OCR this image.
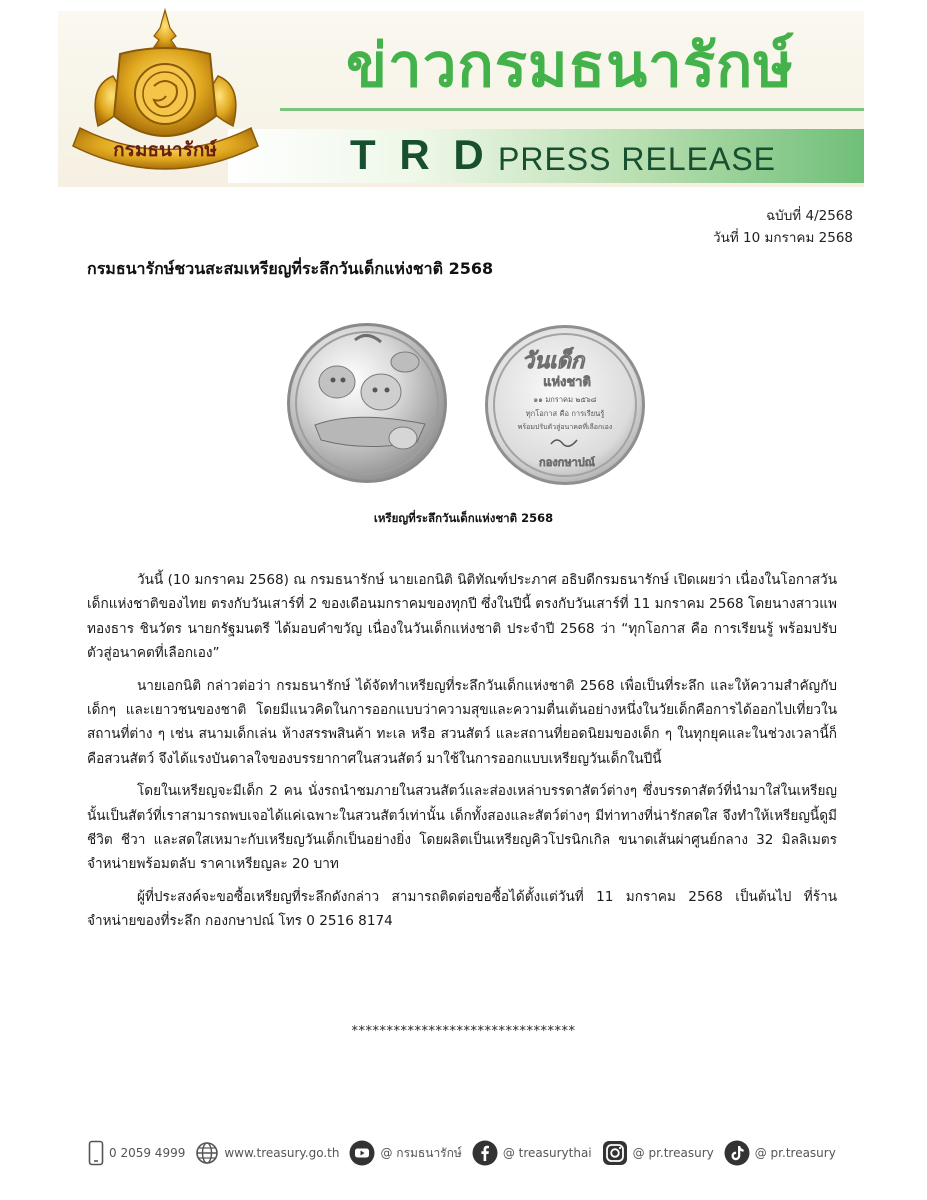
ข่าวกรมธนารักษ์
T R D PRESS RELEASE
กรมธนารักษ์
ฉบับที่ 4/2568
วันที่ 10 มกราคม 2568
กรมธนารักษ์ชวนสะสมเหรียญที่ระลึกวันเด็กแห่งชาติ 2568
วันเด็ก
แห่งชาติ
๑๑ มกราคม ๒๕๖๘
ทุกโอกาส คือ การเรียนรู้
พร้อมปรับตัวสู่อนาคตที่เลือกเอง
กองกษาปณ์
เหรียญที่ระลึกวันเด็กแห่งชาติ 2568

วันนี้ (10 มกราคม 2568) ณ กรมธนารักษ์ นายเอกนิติ นิติทัณฑ์ประภาศ อธิบดีกรมธนารักษ์ เปิดเผยว่า เนื่องในโอกาสวันเด็กแห่งชาติของไทย ตรงกับวันเสาร์ที่ 2 ของเดือนมกราคมของทุกปี ซึ่งในปีนี้ ตรงกับวันเสาร์ที่ 11 มกราคม 2568 โดยนางสาวแพทองธาร ชินวัตร นายกรัฐมนตรี ได้มอบคำขวัญ เนื่องในวันเด็กแห่งชาติ ประจำปี 2568 ว่า “ทุกโอกาส คือ การเรียนรู้ พร้อมปรับตัวสู่อนาคตที่เลือกเอง”

นายเอกนิติ กล่าวต่อว่า กรมธนารักษ์ ได้จัดทำเหรียญที่ระลึกวันเด็กแห่งชาติ 2568 เพื่อเป็นที่ระลึก และให้ความสำคัญกับเด็กๆ และเยาวชนของชาติ โดยมีแนวคิดในการออกแบบว่าความสุขและความตื่นเต้นอย่างหนึ่งในวัยเด็กคือการได้ออกไปเที่ยวในสถานที่ต่าง ๆ เช่น สนามเด็กเล่น ห้างสรรพสินค้า ทะเล หรือ สวนสัตว์ และสถานที่ยอดนิยมของเด็ก ๆ ในทุกยุคและในช่วงเวลานี้ก็คือสวนสัตว์ จึงได้แรงบันดาลใจของบรรยากาศในสวนสัตว์ มาใช้ในการออกแบบเหรียญวันเด็กในปีนี้

โดยในเหรียญจะมีเด็ก 2 คน นั่งรถนำชมภายในสวนสัตว์และส่องเหล่าบรรดาสัตว์ต่างๆ ซึ่งบรรดาสัตว์ที่นำมาใส่ในเหรียญนั้นเป็นสัตว์ที่เราสามารถพบเจอได้แค่เฉพาะในสวนสัตว์เท่านั้น เด็กทั้งสองและสัตว์ต่างๆ มีท่าทางที่น่ารักสดใส จึงทำให้เหรียญนี้ดูมีชีวิต ชีวา และสดใสเหมาะกับเหรียญวันเด็กเป็นอย่างยิ่ง โดยผลิตเป็นเหรียญคิวโปรนิกเกิล ขนาดเส้นผ่าศูนย์กลาง 32 มิลลิเมตร จำหน่ายพร้อมตลับ ราคาเหรียญละ 20 บาท

ผู้ที่ประสงค์จะขอซื้อเหรียญที่ระลึกดังกล่าว สามารถติดต่อขอซื้อได้ตั้งแต่วันที่ 11 มกราคม 2568 เป็นต้นไป ที่ร้านจำหน่ายของที่ระลึก กองกษาปณ์ โทร 0 2516 8174

********************************
0 2059 4999	www.treasury.go.th	@ กรมธนารักษ์	@ treasurythai	@ pr.treasury	@ pr.treasury
